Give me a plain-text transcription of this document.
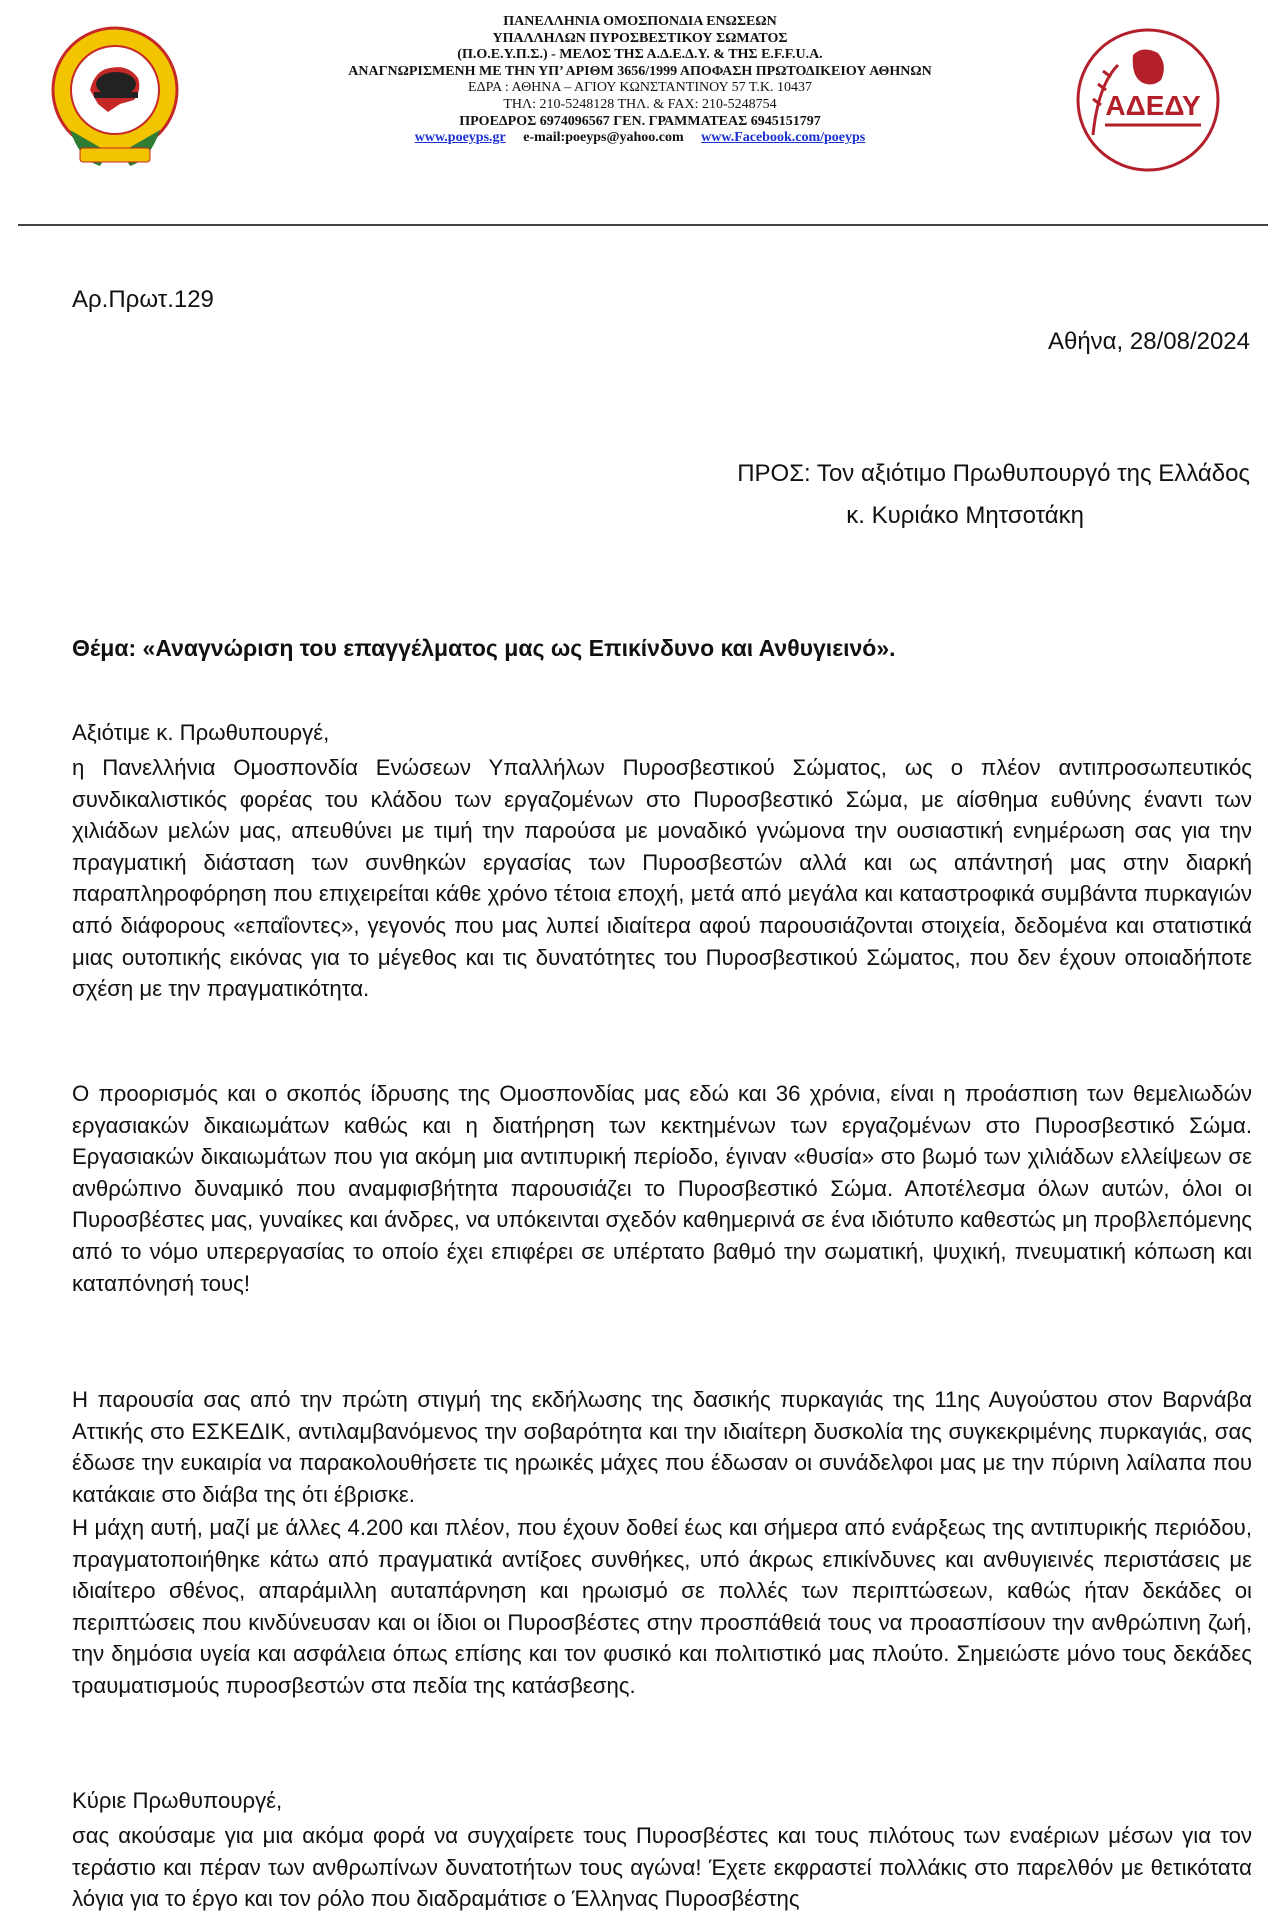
ΠΑΝΕΛΛΗΝΙΑ ΟΜΟΣΠΟΝΔΙΑ ΕΝΩΣΕΩΝ
ΥΠΑΛΛΗΛΩΝ ΠΥΡΟΣΒΕΣΤΙΚΟΥ ΣΩΜΑΤΟΣ
(Π.Ο.Ε.Υ.Π.Σ.) - ΜΕΛΟΣ ΤΗΣ Α.Δ.Ε.Δ.Υ. & ΤΗΣ E.F.F.U.A.
ΑΝΑΓΝΩΡΙΣΜΕΝΗ ΜΕ ΤΗΝ ΥΠ’ ΑΡΙΘΜ 3656/1999 ΑΠΟΦΑΣΗ ΠΡΩΤΟΔΙΚΕΙΟΥ ΑΘΗΝΩΝ
ΕΔΡΑ : ΑΘΗΝΑ – ΑΓΙΟΥ ΚΩΝΣΤΑΝΤΙΝΟΥ 57 Τ.Κ. 10437
ΤΗΛ: 210-5248128 ΤΗΛ. & FAX: 210-5248754
ΠΡΟΕΔΡΟΣ 6974096567 ΓΕΝ. ΓΡΑΜΜΑΤΕΑΣ 6945151797
www.poeyps.gr e-mail:poeyps@yahoo.com www.Facebook.com/poeyps
ΑΔΕΔΥ
Αρ.Πρωτ.129
Αθήνα, 28/08/2024
ΠΡΟΣ: Τον αξιότιμο Πρωθυπουργό της Ελλάδος
κ. Κυριάκο Μητσοτάκη
Θέμα: «Αναγνώριση του επαγγέλματος μας ως Επικίνδυνο και Ανθυγιεινό».
Αξιότιμε κ. Πρωθυπουργέ,

η Πανελλήνια Ομοσπονδία Ενώσεων Υπαλλήλων Πυροσβεστικού Σώματος, ως ο πλέον αντιπροσωπευτικός συνδικαλιστικός φορέας του κλάδου των εργαζομένων στο Πυροσβεστικό Σώμα, με αίσθημα ευθύνης έναντι των χιλιάδων μελών μας, απευθύνει με τιμή την παρούσα με μοναδικό γνώμονα την ουσιαστική ενημέρωση σας για την πραγματική διάσταση των συνθηκών εργασίας των Πυροσβεστών αλλά και ως απάντησή μας στην διαρκή παραπληροφόρηση που επιχειρείται κάθε χρόνο τέτοια εποχή, μετά από μεγάλα και καταστροφικά συμβάντα πυρκαγιών από διάφορους «επαΐοντες», γεγονός που μας λυπεί ιδιαίτερα αφού παρουσιάζονται στοιχεία, δεδομένα και στατιστικά μιας ουτοπικής εικόνας για το μέγεθος και τις δυνατότητες του Πυροσβεστικού Σώματος, που δεν έχουν οποιαδήποτε σχέση με την πραγματικότητα.

Ο προορισμός και ο σκοπός ίδρυσης της Ομοσπονδίας μας εδώ και 36 χρόνια, είναι η προάσπιση των θεμελιωδών εργασιακών δικαιωμάτων καθώς και η διατήρηση των κεκτημένων των εργαζομένων στο Πυροσβεστικό Σώμα. Εργασιακών δικαιωμάτων που για ακόμη μια αντιπυρική περίοδο, έγιναν «θυσία» στο βωμό των χιλιάδων ελλείψεων σε ανθρώπινο δυναμικό που αναμφισβήτητα παρουσιάζει το Πυροσβεστικό Σώμα. Αποτέλεσμα όλων αυτών, όλοι οι Πυροσβέστες μας, γυναίκες και άνδρες, να υπόκεινται σχεδόν καθημερινά σε ένα ιδιότυπο καθεστώς μη προβλεπόμενης από το νόμο υπερεργασίας το οποίο έχει επιφέρει σε υπέρτατο βαθμό την σωματική, ψυχική, πνευματική κόπωση και καταπόνησή τους!

Η παρουσία σας από την πρώτη στιγμή της εκδήλωσης της δασικής πυρκαγιάς της 11ης Αυγούστου στον Βαρνάβα Αττικής στο ΕΣΚΕΔΙΚ, αντιλαμβανόμενος την σοβαρότητα και την ιδιαίτερη δυσκολία της συγκεκριμένης πυρκαγιάς, σας έδωσε την ευκαιρία να παρακολουθήσετε τις ηρωικές μάχες που έδωσαν οι συνάδελφοι μας με την πύρινη λαίλαπα που κατάκαιε στο διάβα της ότι έβρισκε.

Η μάχη αυτή, μαζί με άλλες 4.200 και πλέον, που έχουν δοθεί έως και σήμερα από ενάρξεως της αντιπυρικής περιόδου, πραγματοποιήθηκε κάτω από πραγματικά αντίξοες συνθήκες, υπό άκρως επικίνδυνες και ανθυγιεινές περιστάσεις με ιδιαίτερο σθένος, απαράμιλλη αυταπάρνηση και ηρωισμό σε πολλές των περιπτώσεων, καθώς ήταν δεκάδες οι περιπτώσεις που κινδύνευσαν και οι ίδιοι οι Πυροσβέστες στην προσπάθειά τους να προασπίσουν την ανθρώπινη ζωή, την δημόσια υγεία και ασφάλεια όπως επίσης και τον φυσικό και πολιτιστικό μας πλούτο. Σημειώστε μόνο τους δεκάδες τραυματισμούς πυροσβεστών στα πεδία της κατάσβεσης.

Κύριε Πρωθυπουργέ,

σας ακούσαμε για μια ακόμα φορά να συγχαίρετε τους Πυροσβέστες και τους πιλότους των εναέριων μέσων για τον τεράστιο και πέραν των ανθρωπίνων δυνατοτήτων τους αγώνα! Έχετε εκφραστεί πολλάκις στο παρελθόν με θετικότατα λόγια για το έργο και τον ρόλο που διαδραμάτισε ο Έλληνας Πυροσβέστης
